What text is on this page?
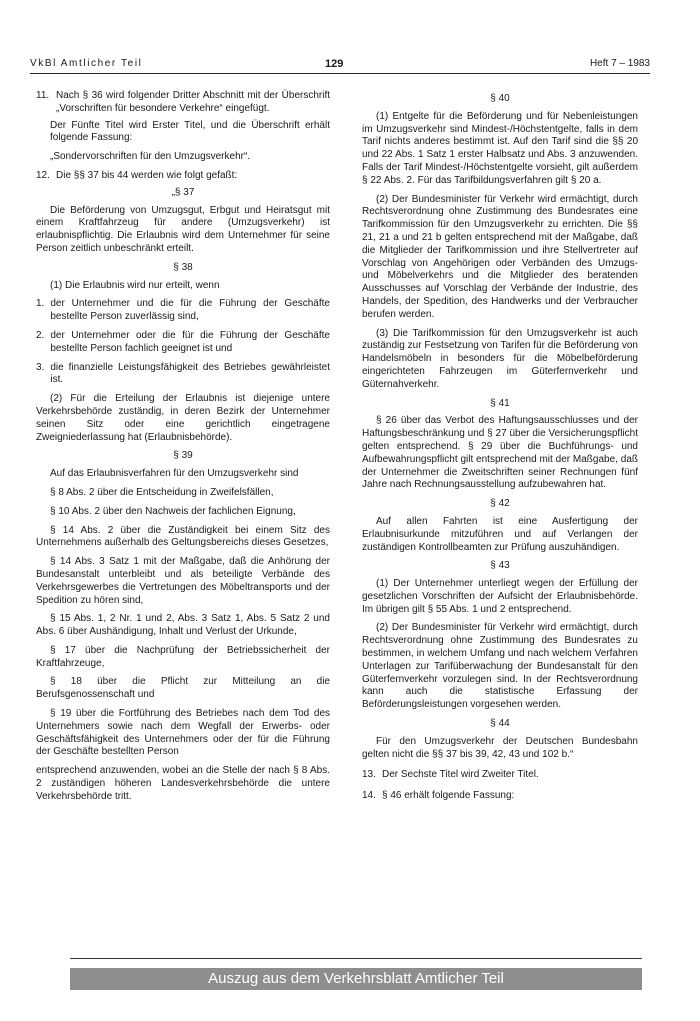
VkBl Amtlicher Teil	129	Heft 7 – 1983
11. Nach § 36 wird folgender Dritter Abschnitt mit der Überschrift „Vorschriften für besondere Verkehre“ eingefügt.
Der Fünfte Titel wird Erster Titel, und die Überschrift erhält folgende Fassung:
„Sondervorschriften für den Umzugsverkehr“.
12. Die §§ 37 bis 44 werden wie folgt gefaßt:
„§ 37
Die Beförderung von Umzugsgut, Erbgut und Heiratsgut mit einem Kraftfahrzeug für andere (Umzugsverkehr) ist erlaubnispflichtig. Die Erlaubnis wird dem Unternehmer für seine Person zeitlich unbeschränkt erteilt.
§ 38
(1) Die Erlaubnis wird nur erteilt, wenn
1. der Unternehmer und die für die Führung der Geschäfte bestellte Person zuverlässig sind,
2. der Unternehmer oder die für die Führung der Geschäfte bestellte Person fachlich geeignet ist und
3. die finanzielle Leistungsfähigkeit des Betriebes gewährleistet ist.
(2) Für die Erteilung der Erlaubnis ist diejenige untere Verkehrsbehörde zuständig, in deren Bezirk der Unternehmer seinen Sitz oder eine gerichtlich eingetragene Zweigniederlassung hat (Erlaubnisbehörde).
§ 39
Auf das Erlaubnisverfahren für den Umzugsverkehr sind
§ 8 Abs. 2 über die Entscheidung in Zweifelsfällen,
§ 10 Abs. 2 über den Nachweis der fachlichen Eignung,
§ 14 Abs. 2 über die Zuständigkeit bei einem Sitz des Unternehmens außerhalb des Geltungsbereichs dieses Gesetzes,
§ 14 Abs. 3 Satz 1 mit der Maßgabe, daß die Anhörung der Bundesanstalt unterbleibt und als beteiligte Verbände des Verkehrsgewerbes die Vertretungen des Möbeltransports und der Spedition zu hören sind,
§ 15 Abs. 1, 2 Nr. 1 und 2, Abs. 3 Satz 1, Abs. 5 Satz 2 und Abs. 6 über Aushändigung, Inhalt und Verlust der Urkunde,
§ 17 über die Nachprüfung der Betriebssicherheit der Kraftfahrzeuge,
§ 18 über die Pflicht zur Mitteilung an die Berufsgenossenschaft und
§ 19 über die Fortführung des Betriebes nach dem Tod des Unternehmers sowie nach dem Wegfall der Erwerbs- oder Geschäftsfähigkeit des Unternehmers oder der für die Führung der Geschäfte bestellten Person
entsprechend anzuwenden, wobei an die Stelle der nach § 8 Abs. 2 zuständigen höheren Landesverkehrsbehörde die untere Verkehrsbehörde tritt.
§ 40
(1) Entgelte für die Beförderung und für Nebenleistungen im Umzugsverkehr sind Mindest-/Höchstentgelte, falls in dem Tarif nichts anderes bestimmt ist. Auf den Tarif sind die §§ 20 und 22 Abs. 1 Satz 1 erster Halbsatz und Abs. 3 anzuwenden. Falls der Tarif Mindest-/Höchstentgelte vorsieht, gilt außerdem § 22 Abs. 2. Für das Tarifbildungsverfahren gilt § 20 a.
(2) Der Bundesminister für Verkehr wird ermächtigt, durch Rechtsverordnung ohne Zustimmung des Bundesrates eine Tarifkommission für den Umzugsverkehr zu errichten. Die §§ 21, 21 a und 21 b gelten entsprechend mit der Maßgabe, daß die Mitglieder der Tarifkommission und ihre Stellvertreter auf Vorschlag von Angehörigen oder Verbänden des Umzugs- und Möbelverkehrs und die Mitglieder des beratenden Ausschusses auf Vorschlag der Verbände der Industrie, des Handels, der Spedition, des Handwerks und der Verbraucher berufen werden.
(3) Die Tarifkommission für den Umzugsverkehr ist auch zuständig zur Festsetzung von Tarifen für die Beförderung von Handelsmöbeln in besonders für die Möbelbeförderung eingerichteten Fahrzeugen im Güterfernverkehr und Güternahverkehr.
§ 41
§ 26 über das Verbot des Haftungsausschlusses und der Haftungsbeschränkung und § 27 über die Versicherungspflicht gelten entsprechend. § 29 über die Buchführungs- und Aufbewahrungspflicht gilt entsprechend mit der Maßgabe, daß der Unternehmer die Zweitschriften seiner Rechnungen fünf Jahre nach Rechnungsausstellung aufzubewahren hat.
§ 42
Auf allen Fahrten ist eine Ausfertigung der Erlaubnisurkunde mitzuführen und auf Verlangen der zuständigen Kontrollbeamten zur Prüfung auszuhändigen.
§ 43
(1) Der Unternehmer unterliegt wegen der Erfüllung der gesetzlichen Vorschriften der Aufsicht der Erlaubnisbehörde. Im übrigen gilt § 55 Abs. 1 und 2 entsprechend.
(2) Der Bundesminister für Verkehr wird ermächtigt, durch Rechtsverordnung ohne Zustimmung des Bundesrates zu bestimmen, in welchem Umfang und nach welchem Verfahren Unterlagen zur Tarifüberwachung der Bundesanstalt für den Güterfernverkehr vorzulegen sind. In der Rechtsverordnung kann auch die statistische Erfassung der Beförderungsleistungen vorgesehen werden.
§ 44
Für den Umzugsverkehr der Deutschen Bundesbahn gelten nicht die §§ 37 bis 39, 42, 43 und 102 b.“
13. Der Sechste Titel wird Zweiter Titel.
14. § 46 erhält folgende Fassung:
Auszug aus dem Verkehrsblatt Amtlicher Teil
